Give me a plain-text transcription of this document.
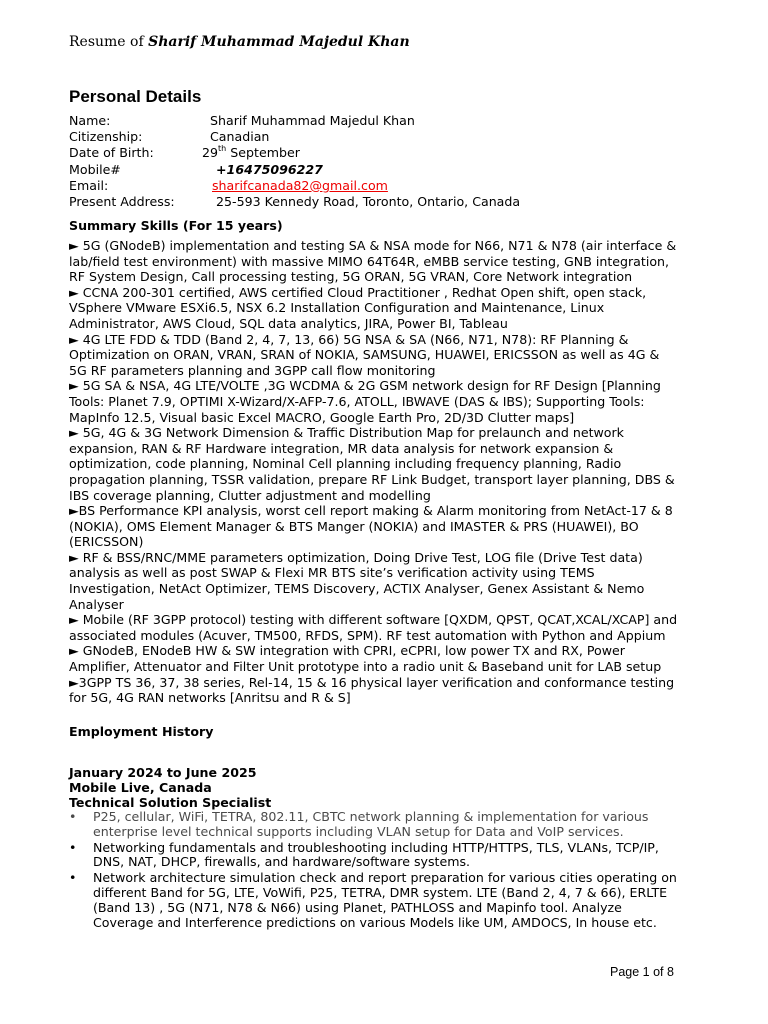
Resume of Sharif Muhammad Majedul Khan
Personal Details
Name:	Sharif Muhammad Majedul Khan
Citizenship:	Canadian
Date of Birth:	29th September
Mobile#	+16475096227
Email:	sharifcanada82@gmail.com
Present Address:	25-593 Kennedy Road, Toronto, Ontario, Canada
Summary Skills (For 15 years)

► 5G (GNodeB) implementation and testing SA & NSA mode for N66, N71 & N78 (air interface &
lab/field test environment) with massive MIMO 64T64R, eMBB service testing, GNB integration,
RF System Design, Call processing testing, 5G ORAN, 5G VRAN, Core Network integration

► CCNA 200-301 certified, AWS certified Cloud Practitioner , Redhat Open shift, open stack,
VSphere VMware ESXi6.5, NSX 6.2 Installation Configuration and Maintenance, Linux
Administrator, AWS Cloud, SQL data analytics, JIRA, Power BI, Tableau

► 4G LTE FDD & TDD (Band 2, 4, 7, 13, 66) 5G NSA & SA (N66, N71, N78): RF Planning &
Optimization on ORAN, VRAN, SRAN of NOKIA, SAMSUNG, HUAWEI, ERICSSON as well as 4G &
5G RF parameters planning and 3GPP call flow monitoring

► 5G SA & NSA, 4G LTE/VOLTE ,3G WCDMA & 2G GSM network design for RF Design [Planning
Tools: Planet 7.9, OPTIMI X-Wizard/X-AFP-7.6, ATOLL, IBWAVE (DAS & IBS); Supporting Tools:
MapInfo 12.5, Visual basic Excel MACRO, Google Earth Pro, 2D/3D Clutter maps]

► 5G, 4G & 3G Network Dimension & Traffic Distribution Map for prelaunch and network
expansion, RAN & RF Hardware integration, MR data analysis for network expansion &
optimization, code planning, Nominal Cell planning including frequency planning, Radio
propagation planning, TSSR validation, prepare RF Link Budget, transport layer planning, DBS &
IBS coverage planning, Clutter adjustment and modelling

►BS Performance KPI analysis, worst cell report making & Alarm monitoring from NetAct-17 & 8
(NOKIA), OMS Element Manager & BTS Manger (NOKIA) and IMASTER & PRS (HUAWEI), BO
(ERICSSON)

► RF & BSS/RNC/MME parameters optimization, Doing Drive Test, LOG file (Drive Test data)
analysis as well as post SWAP & Flexi MR BTS site’s verification activity using TEMS
Investigation, NetAct Optimizer, TEMS Discovery, ACTIX Analyser, Genex Assistant & Nemo
Analyser

► Mobile (RF 3GPP protocol) testing with different software [QXDM, QPST, QCAT,XCAL/XCAP] and
associated modules (Acuver, TM500, RFDS, SPM). RF test automation with Python and Appium

► GNodeB, ENodeB HW & SW integration with CPRI, eCPRI, low power TX and RX, Power
Amplifier, Attenuator and Filter Unit prototype into a radio unit & Baseband unit for LAB setup

►3GPP TS 36, 37, 38 series, Rel-14, 15 & 16 physical layer verification and conformance testing
for 5G, 4G RAN networks [Anritsu and R & S]

Employment History
January 2024 to June 2025
Mobile Live, Canada
Technical Solution Specialist
• P25, cellular, WiFi, TETRA, 802.11, CBTC network planning & implementation for various
enterprise level technical supports including VLAN setup for Data and VoIP services.
• Networking fundamentals and troubleshooting including HTTP/HTTPS, TLS, VLANs, TCP/IP,
DNS, NAT, DHCP, firewalls, and hardware/software systems.
• Network architecture simulation check and report preparation for various cities operating on
different Band for 5G, LTE, VoWifi, P25, TETRA, DMR system. LTE (Band 2, 4, 7 & 66), ERLTE
(Band 13) , 5G (N71, N78 & N66) using Planet, PATHLOSS and Mapinfo tool. Analyze
Coverage and Interference predictions on various Models like UM, AMDOCS, In house etc.
Page 1 of 8
